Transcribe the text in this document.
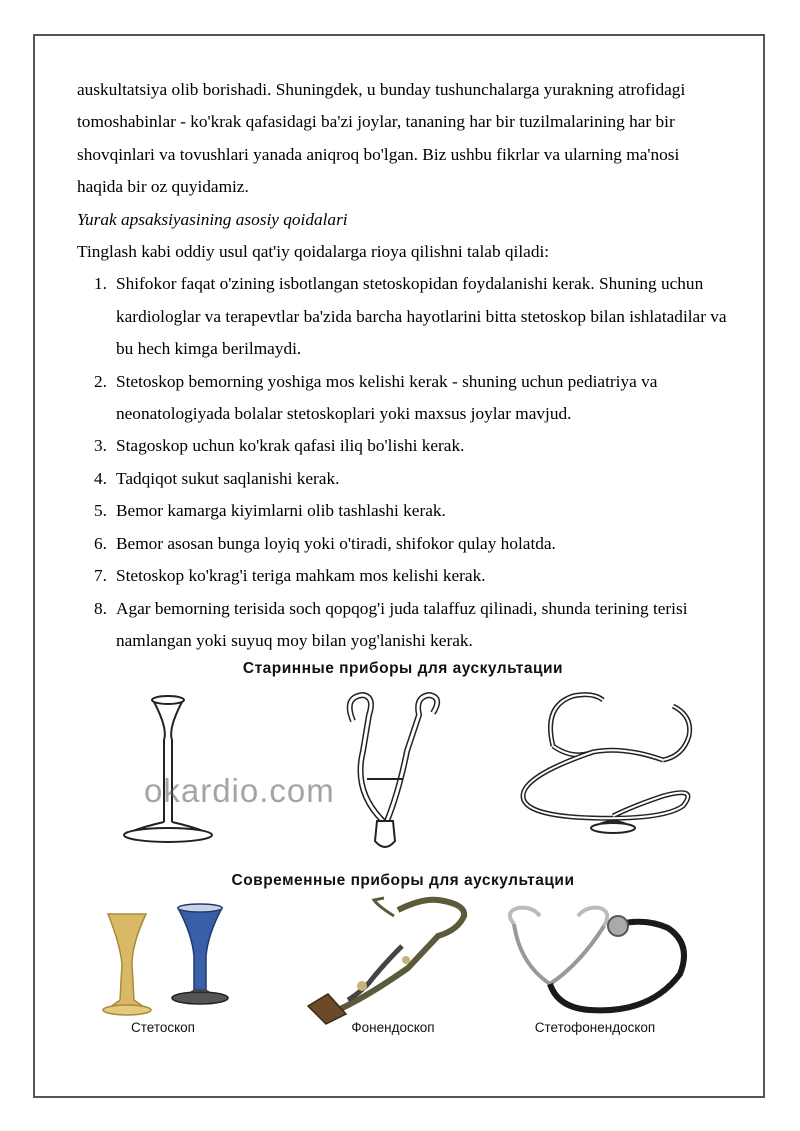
auskultatsiya olib borishadi. Shuningdek, u bunday tushunchalarga yurakning atrofidagi tomoshabinlar - ko'krak qafasidagi ba'zi joylar, tananing har bir tuzilmalarining har bir shovqinlari va tovushlari yanada aniqroq bo'lgan. Biz ushbu fikrlar va ularning ma'nosi haqida bir oz quyidamiz.

Yurak apsaksiyasining asosiy qoidalari

Tinglash kabi oddiy usul qat'iy qoidalarga rioya qilishni talab qiladi:

1. Shifokor faqat o'zining isbotlangan stetoskopidan foydalanishi kerak. Shuning uchun kardiologlar va terapevtlar ba'zida barcha hayotlarini bitta stetoskop bilan ishlatadilar va bu hech kimga berilmaydi.
2. Stetoskop bemorning yoshiga mos kelishi kerak - shuning uchun pediatriya va neonatologiyada bolalar stetoskoplari yoki maxsus joylar mavjud.
3. Stagoskop uchun ko'krak qafasi iliq bo'lishi kerak.
4. Tadqiqot sukut saqlanishi kerak.
5. Bemor kamarga kiyimlarni olib tashlashi kerak.
6. Bemor asosan bunga loyiq yoki o'tiradi, shifokor qulay holatda.
7. Stetoskop ko'krag'i teriga mahkam mos kelishi kerak.
8. Agar bemorning terisida soch qopqog'i juda talaffuz qilinadi, shunda terining terisi namlangan yoki suyuq moy bilan yog'lanishi kerak.
Старинные приборы для аускультации
okardio.com
Современные приборы для аускультации
Стетоскоп	Фонендоскоп	Стетофонендоскоп
